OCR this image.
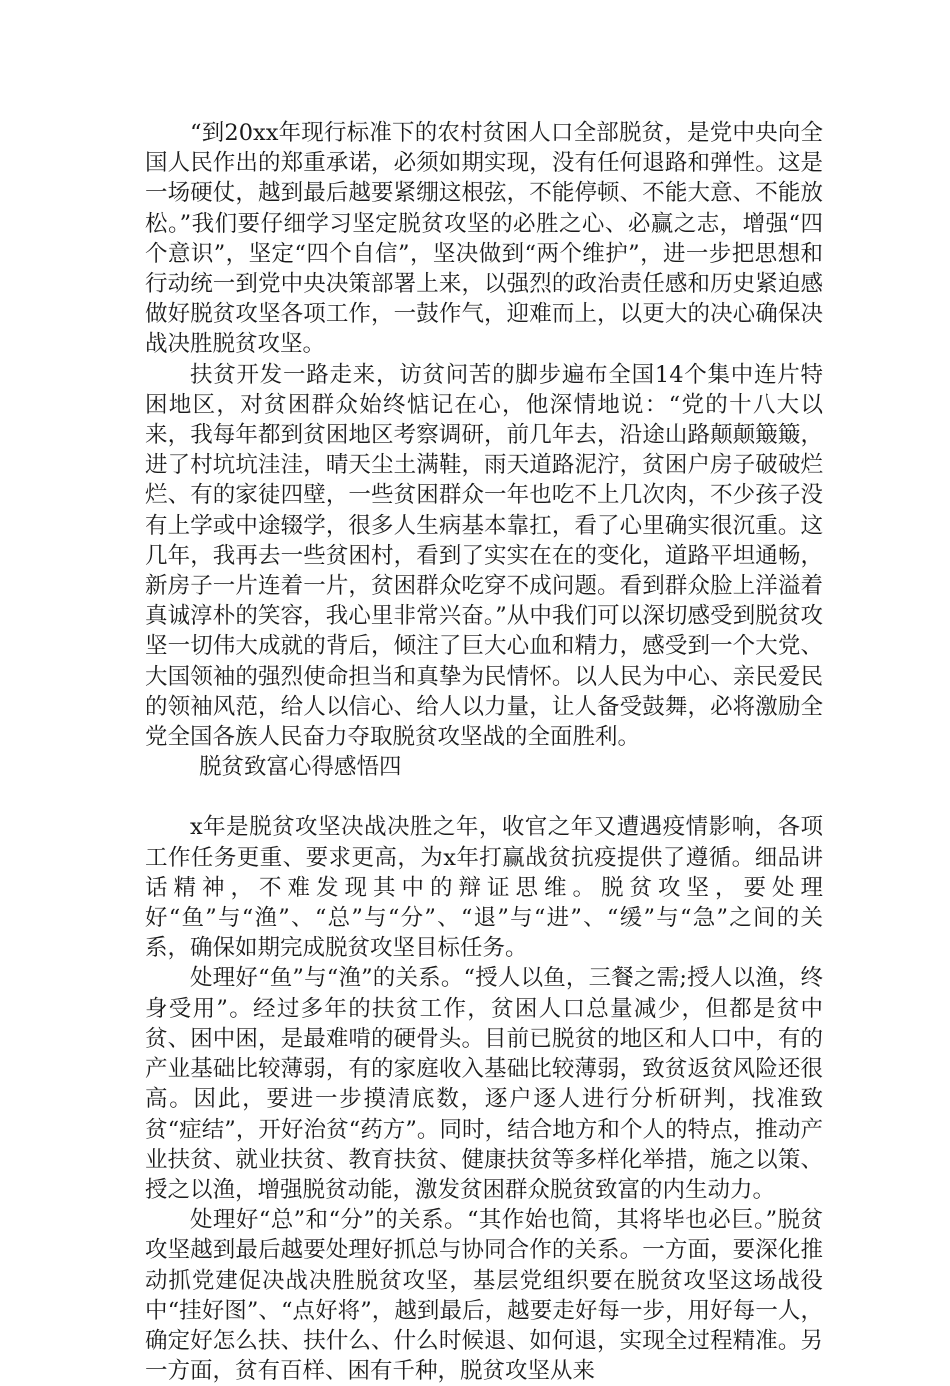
“到20xx年现行标准下的农村贫困人口全部脱贫，是党中央向全国人民作出的郑重承诺，必须如期实现，没有任何退路和弹性。这是一场硬仗，越到最后越要紧绷这根弦，不能停顿、不能大意、不能放松。”我们要仔细学习坚定脱贫攻坚的必胜之心、必赢之志，增强“四个意识”，坚定“四个自信”，坚决做到“两个维护”，进一步把思想和行动统一到党中央决策部署上来，以强烈的政治责任感和历史紧迫感做好脱贫攻坚各项工作，一鼓作气，迎难而上，以更大的决心确保决战决胜脱贫攻坚。

扶贫开发一路走来，访贫问苦的脚步遍布全国14个集中连片特困地区，对贫困群众始终惦记在心，他深情地说：“党的十八大以来，我每年都到贫困地区考察调研，前几年去，沿途山路颠颠簸簸，进了村坑坑洼洼，晴天尘土满鞋，雨天道路泥泞，贫困户房子破破烂烂、有的家徒四壁，一些贫困群众一年也吃不上几次肉，不少孩子没有上学或中途辍学，很多人生病基本靠扛，看了心里确实很沉重。这几年，我再去一些贫困村，看到了实实在在的变化，道路平坦通畅，新房子一片连着一片，贫困群众吃穿不成问题。看到群众脸上洋溢着真诚淳朴的笑容，我心里非常兴奋。”从中我们可以深切感受到脱贫攻坚一切伟大成就的背后，倾注了巨大心血和精力，感受到一个大党、大国领袖的强烈使命担当和真挚为民情怀。以人民为中心、亲民爱民的领袖风范，给人以信心、给人以力量，让人备受鼓舞，必将激励全党全国各族人民奋力夺取脱贫攻坚战的全面胜利。

脱贫致富心得感悟四

x年是脱贫攻坚决战决胜之年，收官之年又遭遇疫情影响，各项工作任务更重、要求更高，为x年打赢战贫抗疫提供了遵循。细品讲话精神，不难发现其中的辩证思维。脱贫攻坚，要处理好“鱼”与“渔”、“总”与“分”、“退”与“进”、“缓”与“急”之间的关系，确保如期完成脱贫攻坚目标任务。

处理好“鱼”与“渔”的关系。“授人以鱼，三餐之需;授人以渔，终身受用”。经过多年的扶贫工作，贫困人口总量减少，但都是贫中贫、困中困，是最难啃的硬骨头。目前已脱贫的地区和人口中，有的产业基础比较薄弱，有的家庭收入基础比较薄弱，致贫返贫风险还很高。因此，要进一步摸清底数，逐户逐人进行分析研判，找准致贫“症结”，开好治贫“药方”。同时，结合地方和个人的特点，推动产业扶贫、就业扶贫、教育扶贫、健康扶贫等多样化举措，施之以策、授之以渔，增强脱贫动能，激发贫困群众脱贫致富的内生动力。

处理好“总”和“分”的关系。“其作始也简，其将毕也必巨。”脱贫攻坚越到最后越要处理好抓总与协同合作的关系。一方面，要深化推动抓党建促决战决胜脱贫攻坚，基层党组织要在脱贫攻坚这场战役中“挂好图”、“点好将”，越到最后，越要走好每一步，用好每一人，确定好怎么扶、扶什么、什么时候退、如何退，实现全过程精准。另一方面，贫有百样、困有千种，脱贫攻坚从来
